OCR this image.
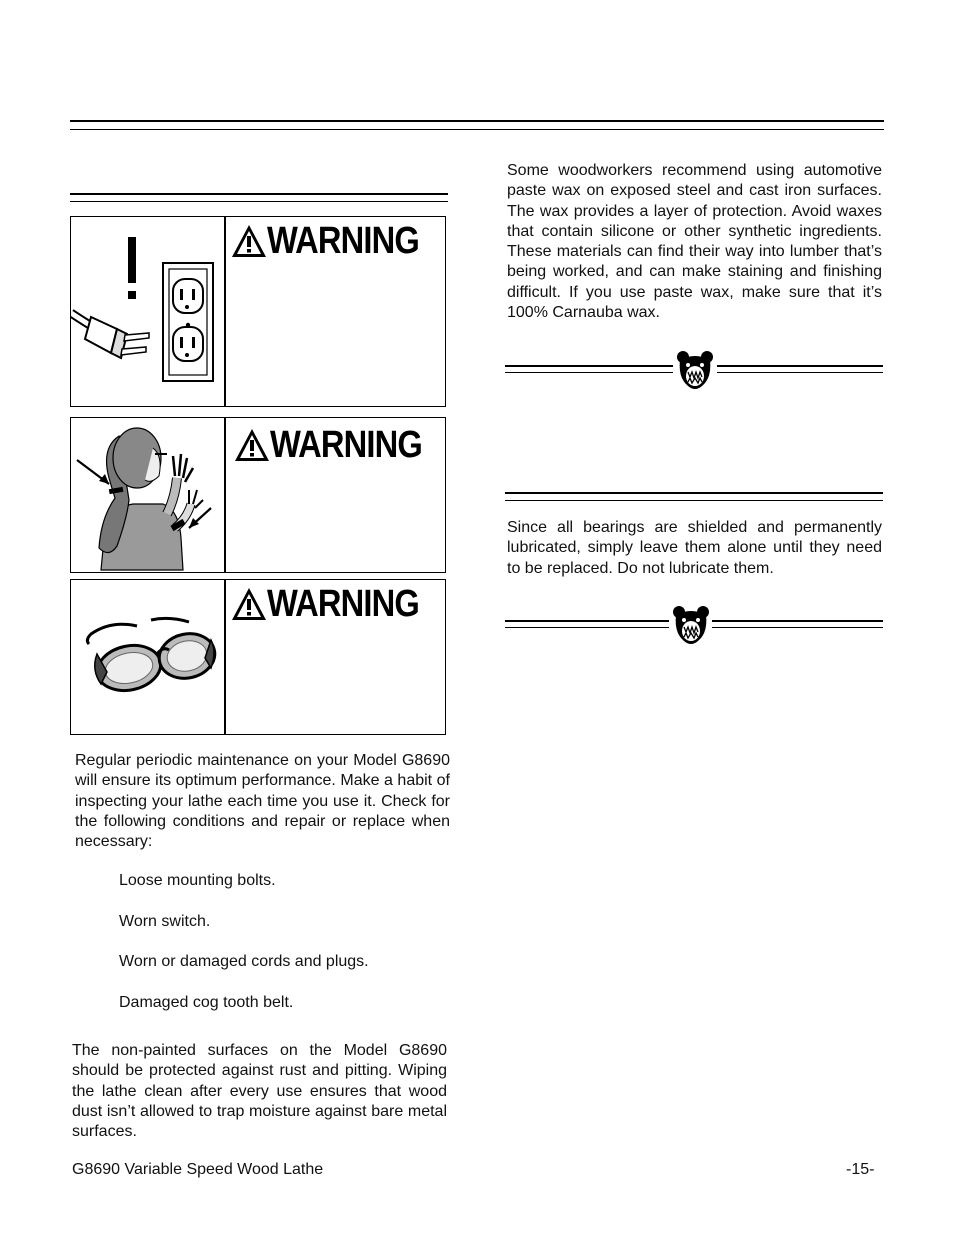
WARNING
WARNING
WARNING
Regular periodic maintenance on your Model G8690 will ensure its optimum performance. Make a habit of inspecting your lathe each time you use it. Check for the following conditions and repair or replace when necessary:
Loose mounting bolts.
Worn switch.
Worn or damaged cords and plugs.
Damaged cog tooth belt.
The non-painted surfaces on the Model G8690 should be protected against rust and pitting. Wiping the lathe clean after every use ensures that wood dust isn’t allowed to trap moisture against bare metal surfaces.
Some woodworkers recommend using automotive paste wax on exposed steel and cast iron surfaces. The wax provides a layer of protection. Avoid waxes that contain silicone or other synthetic ingredients. These materials can find their way into lumber that’s being worked, and can make staining and finishing difficult. If you use paste wax, make sure that it’s 100% Carnauba wax.
Since all bearings are shielded and permanently lubricated, simply leave them alone until they need to be replaced. Do not lubricate them.
G8690 Variable Speed Wood Lathe	-15-
